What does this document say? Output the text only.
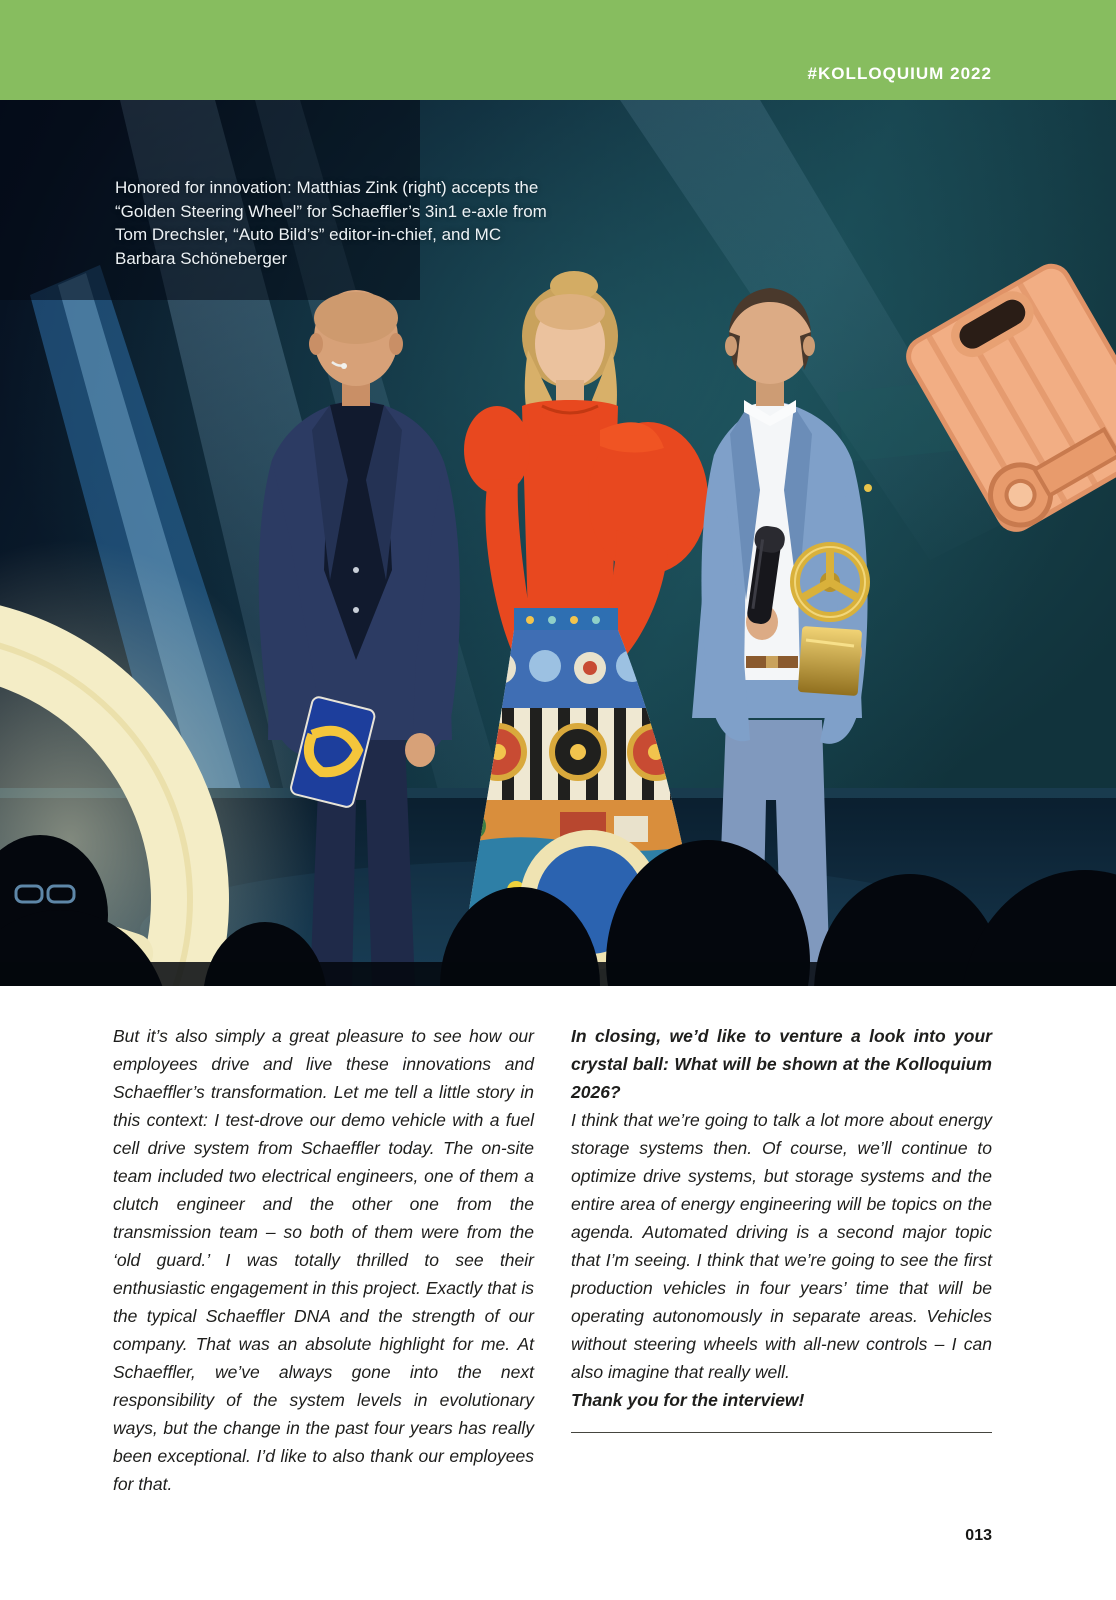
#KOLLOQUIUM 2022
Honored for innovation: Matthias Zink (right) accepts the “Golden Steering Wheel” for Schaeffler’s 3in1 e-axle from Tom Drechsler, “Auto Bild’s” editor-in-chief, and MC Barbara Schöneberger

But it’s also simply a great pleasure to see how our employees drive and live these innovations and Schaeffler’s transformation. Let me tell a little story in this context: I test-drove our demo vehicle with a fuel cell drive system from Schaeffler today. The on-site team included two electrical engineers, one of them a clutch engineer and the other one from the transmission team – so both of them were from the ‘old guard.’ I was totally thrilled to see their enthusiastic engagement in this project. Exactly that is the typical Schaeffler DNA and the strength of our company. That was an absolute highlight for me. At Schaeffler, we’ve always gone into the next responsibility of the system levels in evolutionary ways, but the change in the past four years has really been exceptional. I’d like to also thank our employees for that.

In closing, we’d like to venture a look into your crystal ball: What will be shown at the Kolloquium 2026?

I think that we’re going to talk a lot more about energy storage systems then. Of course, we’ll continue to optimize drive systems, but storage systems and the entire area of energy engineering will be topics on the agenda. Automated driving is a second major topic that I’m seeing. I think that we’re going to see the first production vehicles in four years’ time that will be operating autonomously in separate areas. Vehicles without steering wheels with all-new controls – I can also imagine that really well.

Thank you for the interview!

013
